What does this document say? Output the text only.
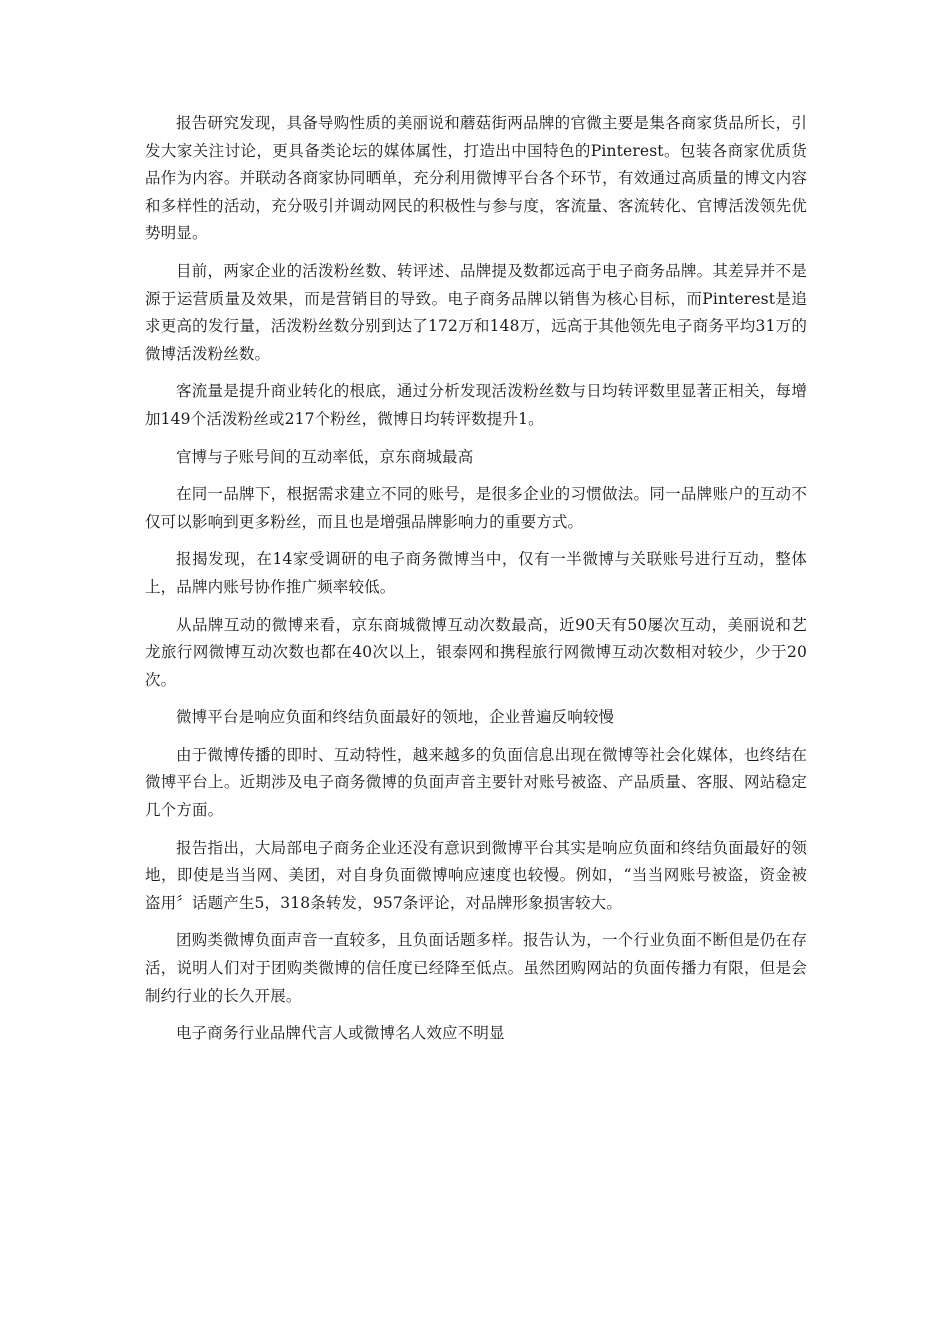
报告研究发现，具备导购性质的美丽说和蘑菇街两品牌的官微主要是集各商家货品所长，引发大家关注讨论，更具备类论坛的媒体属性，打造出中国特色的Pinterest。包装各商家优质货品作为内容。并联动各商家协同晒单，充分利用微博平台各个环节，有效通过高质量的博文内容和多样性的活动，充分吸引并调动网民的积极性与参与度，客流量、客流转化、官博活泼领先优势明显。

目前，两家企业的活泼粉丝数、转评述、品牌提及数都远高于电子商务品牌。其差异并不是源于运营质量及效果，而是营销目的导致。电子商务品牌以销售为核心目标，而Pinterest是追求更高的发行量，活泼粉丝数分别到达了172万和148万，远高于其他领先电子商务平均31万的微博活泼粉丝数。

客流量是提升商业转化的根底，通过分析发现活泼粉丝数与日均转评数里显著正相关，每增加149个活泼粉丝或217个粉丝，微博日均转评数提升1。

官博与子账号间的互动率低，京东商城最高

在同一品牌下，根据需求建立不同的账号，是很多企业的习惯做法。同一品牌账户的互动不仅可以影响到更多粉丝，而且也是增强品牌影响力的重要方式。

报揭发现，在14家受调研的电子商务微博当中，仅有一半微博与关联账号进行互动，整体上，品牌内账号协作推广频率较低。

从品牌互动的微博来看，京东商城微博互动次数最高，近90天有50屡次互动，美丽说和艺龙旅行网微博互动次数也都在40次以上，银泰网和携程旅行网微博互动次数相对较少，少于20次。

微博平台是响应负面和终结负面最好的领地，企业普遍反响较慢

由于微博传播的即时、互动特性，越来越多的负面信息出现在微博等社会化媒体，也终结在微博平台上。近期涉及电子商务微博的负面声音主要针对账号被盗、产品质量、客服、网站稳定几个方面。

报告指出，大局部电子商务企业还没有意识到微博平台其实是响应负面和终结负面最好的领地，即使是当当网、美团，对自身负面微博响应速度也较慢。例如，“当当网账号被盗，资金被盗用〞话题产生5，318条转发，957条评论，对品牌形象损害较大。

团购类微博负面声音一直较多，且负面话题多样。报告认为，一个行业负面不断但是仍在存活，说明人们对于团购类微博的信任度已经降至低点。虽然团购网站的负面传播力有限，但是会制约行业的长久开展。

电子商务行业品牌代言人或微博名人效应不明显
